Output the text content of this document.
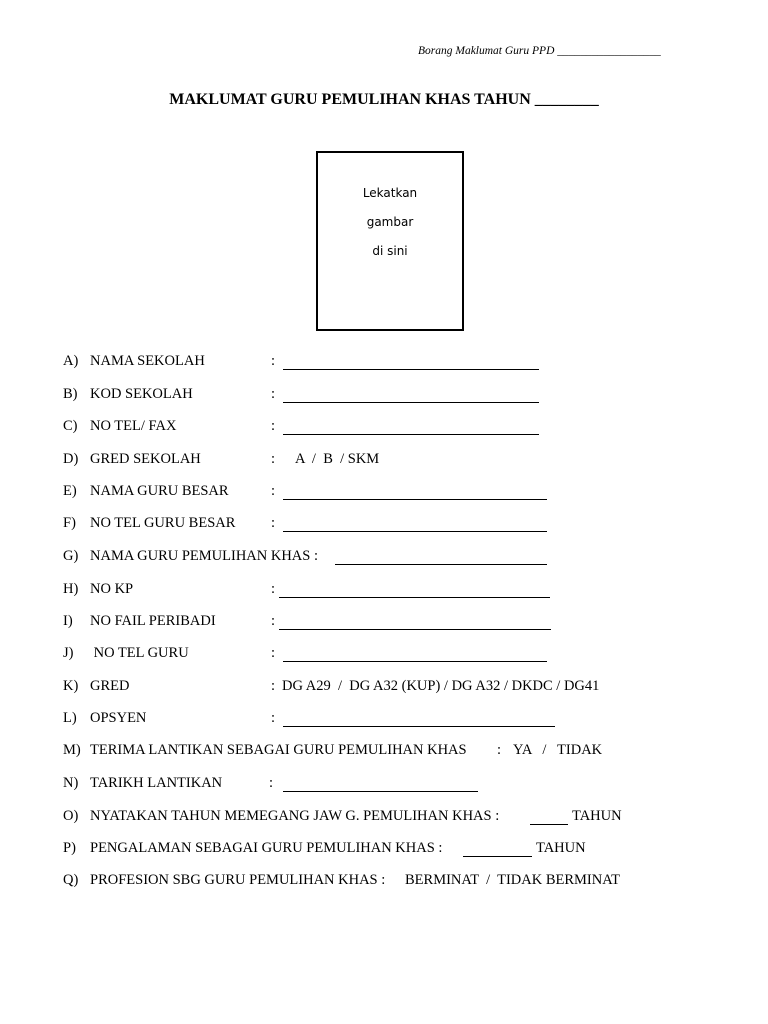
Borang Maklumat Guru PPD __________________
MAKLUMAT GURU PEMULIHAN KHAS TAHUN ________
Lekatkan
gambar
di sini
A) NAMA SEKOLAH	:
B) KOD SEKOLAH	:
C) NO TEL/ FAX	:
D) GRED SEKOLAH	: A  /  B  / SKM
E) NAMA GURU BESAR	:
F) NO TEL GURU BESAR :
G) NAMA GURU PEMULIHAN KHAS :
H) NO KP	:
I) NO FAIL PERIBADI	:
J) NO TEL GURU	:
K) GRED	: DG A29  /  DG A32 (KUP) / DG A32 / DKDC / DG41
L) OPSYEN	:
M) TERIMA LANTIKAN SEBAGAI GURU PEMULIHAN KHAS : YA   /   TIDAK
N) TARIKH LANTIKAN	:
O) NYATAKAN TAHUN MEMEGANG JAW G. PEMULIHAN KHAS :	TAHUN
P) PENGALAMAN SEBAGAI GURU PEMULIHAN KHAS :	TAHUN
Q) PROFESION SBG GURU PEMULIHAN KHAS : BERMINAT  /  TIDAK BERMINAT
